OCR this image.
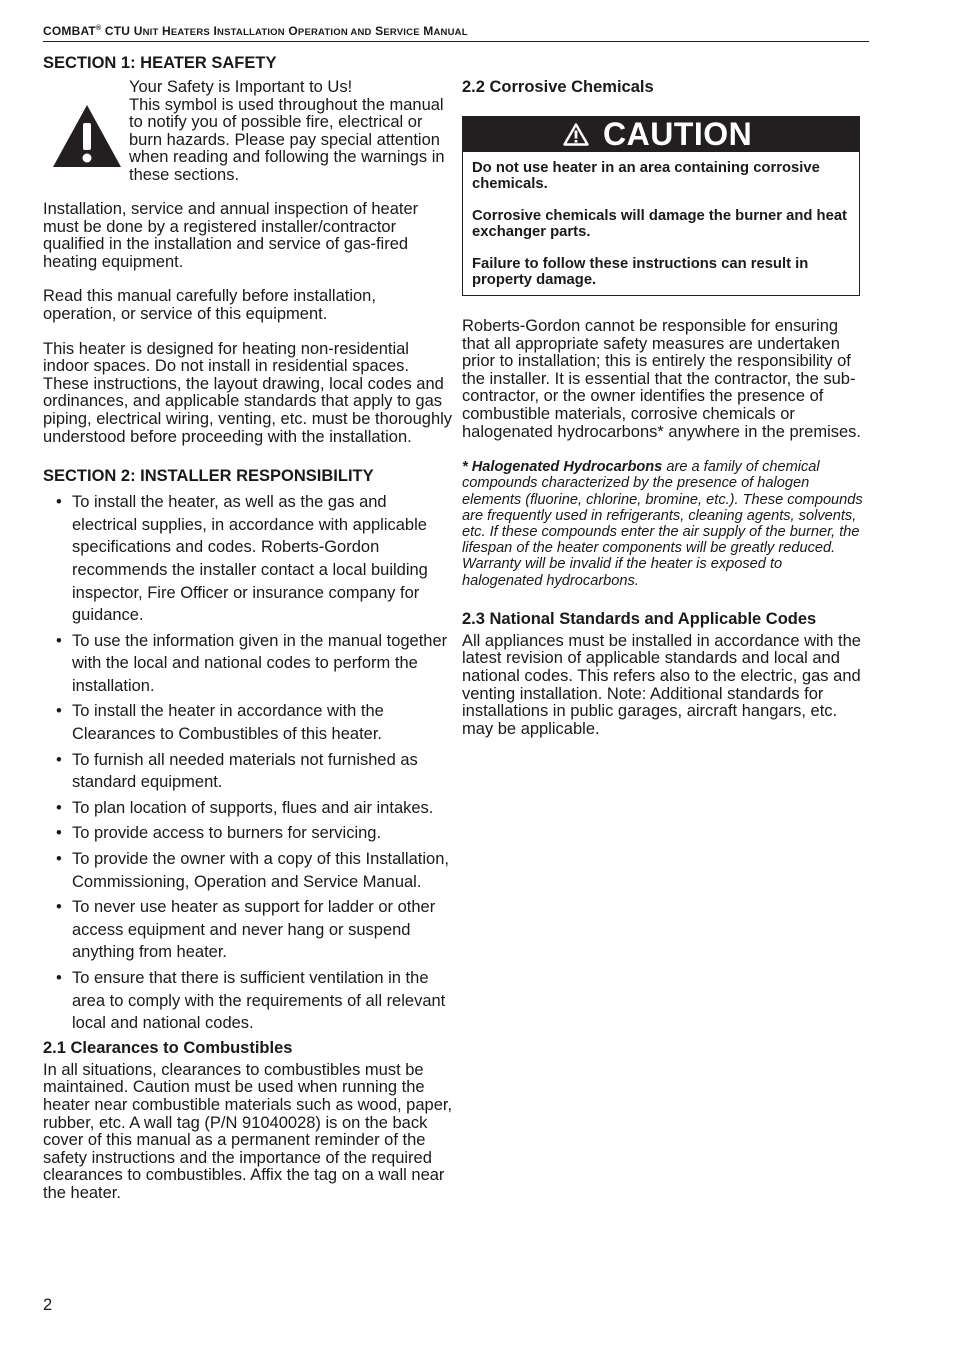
COMBAT® CTU UNIT HEATERS INSTALLATION OPERATION AND SERVICE MANUAL
SECTION 1: HEATER SAFETY
Your Safety is Important to Us!
This symbol is used throughout the manual to notify you of possible fire, electrical or burn hazards. Please pay special attention when reading and following the warnings in these sections.

Installation, service and annual inspection of heater must be done by a registered installer/contractor qualified in the installation and service of gas-fired heating equipment.

Read this manual carefully before installation, operation, or service of this equipment.

This heater is designed for heating non-residential indoor spaces. Do not install in residential spaces. These instructions, the layout drawing, local codes and ordinances, and applicable standards that apply to gas piping, electrical wiring, venting, etc. must be thoroughly understood before proceeding with the installation.

SECTION 2: INSTALLER RESPONSIBILITY
• To install the heater, as well as the gas and electrical supplies, in accordance with applicable specifications and codes. Roberts-Gordon recommends the installer contact a local building inspector, Fire Officer or insurance company for guidance.
• To use the information given in the manual together with the local and national codes to perform the installation.
• To install the heater in accordance with the Clearances to Combustibles of this heater.
• To furnish all needed materials not furnished as standard equipment.
• To plan location of supports, flues and air intakes.
• To provide access to burners for servicing.
• To provide the owner with a copy of this Installation, Commissioning, Operation and Service Manual.
• To never use heater as support for ladder or other access equipment and never hang or suspend anything from heater.
• To ensure that there is sufficient ventilation in the area to comply with the requirements of all relevant local and national codes.
2.1 Clearances to Combustibles

In all situations, clearances to combustibles must be maintained. Caution must be used when running the heater near combustible materials such as wood, paper, rubber, etc. A wall tag (P/N 91040028) is on the back cover of this manual as a permanent reminder of the safety instructions and the importance of the required clearances to combustibles. Affix the tag on a wall near the heater.

2.2 Corrosive Chemicals
CAUTION

Do not use heater in an area containing corrosive chemicals.

Corrosive chemicals will damage the burner and heat exchanger parts.

Failure to follow these instructions can result in property damage.

Roberts-Gordon cannot be responsible for ensuring that all appropriate safety measures are undertaken prior to installation; this is entirely the responsibility of the installer. It is essential that the contractor, the sub-contractor, or the owner identifies the presence of combustible materials, corrosive chemicals or halogenated hydrocarbons* anywhere in the premises.

* Halogenated Hydrocarbons are a family of chemical compounds characterized by the presence of halogen elements (fluorine, chlorine, bromine, etc.). These compounds are frequently used in refrigerants, cleaning agents, solvents, etc. If these compounds enter the air supply of the burner, the lifespan of the heater components will be greatly reduced. Warranty will be invalid if the heater is exposed to halogenated hydrocarbons.

2.3 National Standards and Applicable Codes

All appliances must be installed in accordance with the latest revision of applicable standards and local and national codes. This refers also to the electric, gas and venting installation. Note: Additional standards for installations in public garages, aircraft hangars, etc. may be applicable.

2
